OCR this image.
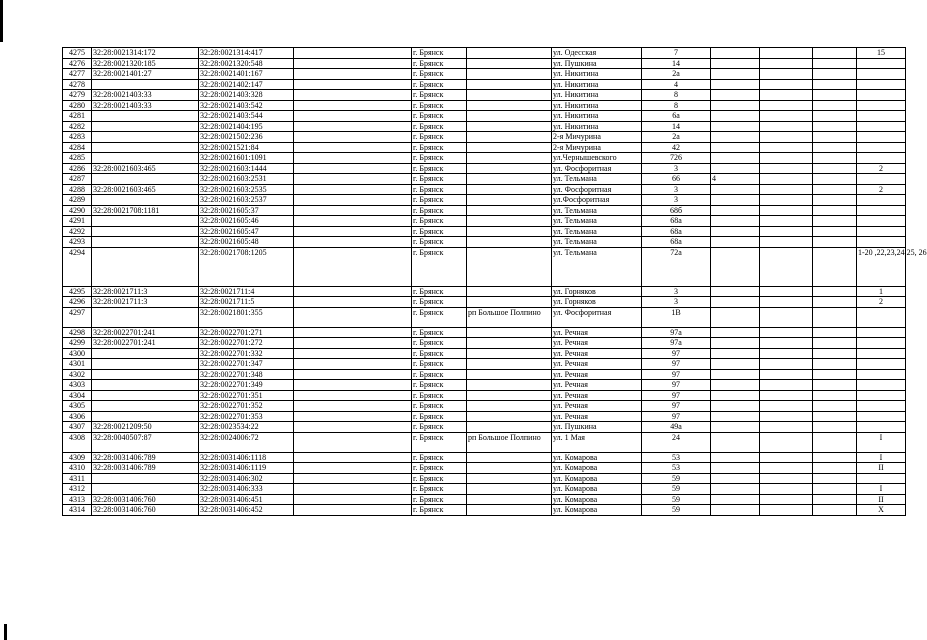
4275	32:28:0021314:172	32:28:0021314:417		г. Брянск		ул. Одесская	7				15
4276	32:28:0021320:185	32:28:0021320:548		г. Брянск		ул. Пушкина	14				
4277	32:28:0021401:27	32:28:0021401:167		г. Брянск		ул. Никитина	2а				
4278		32:28:0021402:147		г. Брянск		ул. Никитина	4				
4279	32:28:0021403:33	32:28:0021403:328		г. Брянск		ул. Никитина	8				
4280	32:28:0021403:33	32:28:0021403:542		г. Брянск		ул. Никитина	8				
4281		32:28:0021403:544		г. Брянск		ул. Никитина	6а				
4282		32:28:0021404:195		г. Брянск		ул. Никитина	14				
4283		32:28:0021502:236		г. Брянск		2-я Мичурина	2а				
4284		32:28:0021521:84		г. Брянск		2-я Мичурина	42				
4285		32:28:0021601:1091		г. Брянск		ул.Чернышевского	726				
4286	32:28:0021603:465	32:28:0021603:1444		г. Брянск		ул. Фосфоритная	3				2
4287		32:28:0021603:2531		г. Брянск		ул. Тельмана	66	4			
4288	32:28:0021603:465	32:28:0021603:2535		г. Брянск		ул. Фосфоритная	3				2
4289		32:28:0021603:2537		г. Брянск		ул.Фосфоритная	3				
4290	32:28:0021708:1181	32:28:0021605:37		г. Брянск		ул. Тельмана	68б				
4291		32:28:0021605:46		г. Брянск		ул. Тельмана	68а				
4292		32:28:0021605:47		г. Брянск		ул. Тельмана	68а				
4293		32:28:0021605:48		г. Брянск		ул. Тельмана	68а				
4294		32:28:0021708:1205		г. Брянск		ул. Тельмана	72а				1-20 ,22,23,24,25, 26
4295	32:28:0021711:3	32:28:0021711:4		г. Брянск		ул. Горняков	3				1
4296	32:28:0021711:3	32:28:0021711:5		г. Брянск		ул. Горняков	3				2
4297		32:28:0021801:355		г. Брянск	рп Большое Полпино	ул. Фосфоритная	1В				
4298	32:28:0022701:241	32:28:0022701:271		г. Брянск		ул. Речная	97а				
4299	32:28:0022701:241	32:28:0022701:272		г. Брянск		ул. Речная	97а				
4300		32:28:0022701:332		г. Брянск		ул. Речная	97				
4301		32:28:0022701:347		г. Брянск		ул. Речная	97				
4302		32:28:0022701:348		г. Брянск		ул. Речная	97				
4303		32:28:0022701:349		г. Брянск		ул. Речная	97				
4304		32:28:0022701:351		г. Брянск		ул. Речная	97				
4305		32:28:0022701:352		г. Брянск		ул. Речная	97				
4306		32:28:0022701:353		г. Брянск		ул. Речная	97				
4307	32:28:0021209:50	32:28:0023534:22		г. Брянск		ул. Пушкина	49а				
4308	32:28:0040507:87	32:28:0024006:72		г. Брянск	рп Большое Полпино	ул. 1 Мая	24				I
4309	32:28:0031406:789	32:28:0031406:1118		г. Брянск		ул. Комарова	53				I
4310	32:28:0031406:789	32:28:0031406:1119		г. Брянск		ул. Комарова	53				II
4311		32:28:0031406:302		г. Брянск		ул. Комарова	59				
4312		32:28:0031406:333		г. Брянск		ул. Комарова	59				I
4313	32:28:0031406:760	32:28:0031406:451		г. Брянск		ул. Комарова	59				II
4314	32:28:0031406:760	32:28:0031406:452		г. Брянск		ул. Комарова	59				X
